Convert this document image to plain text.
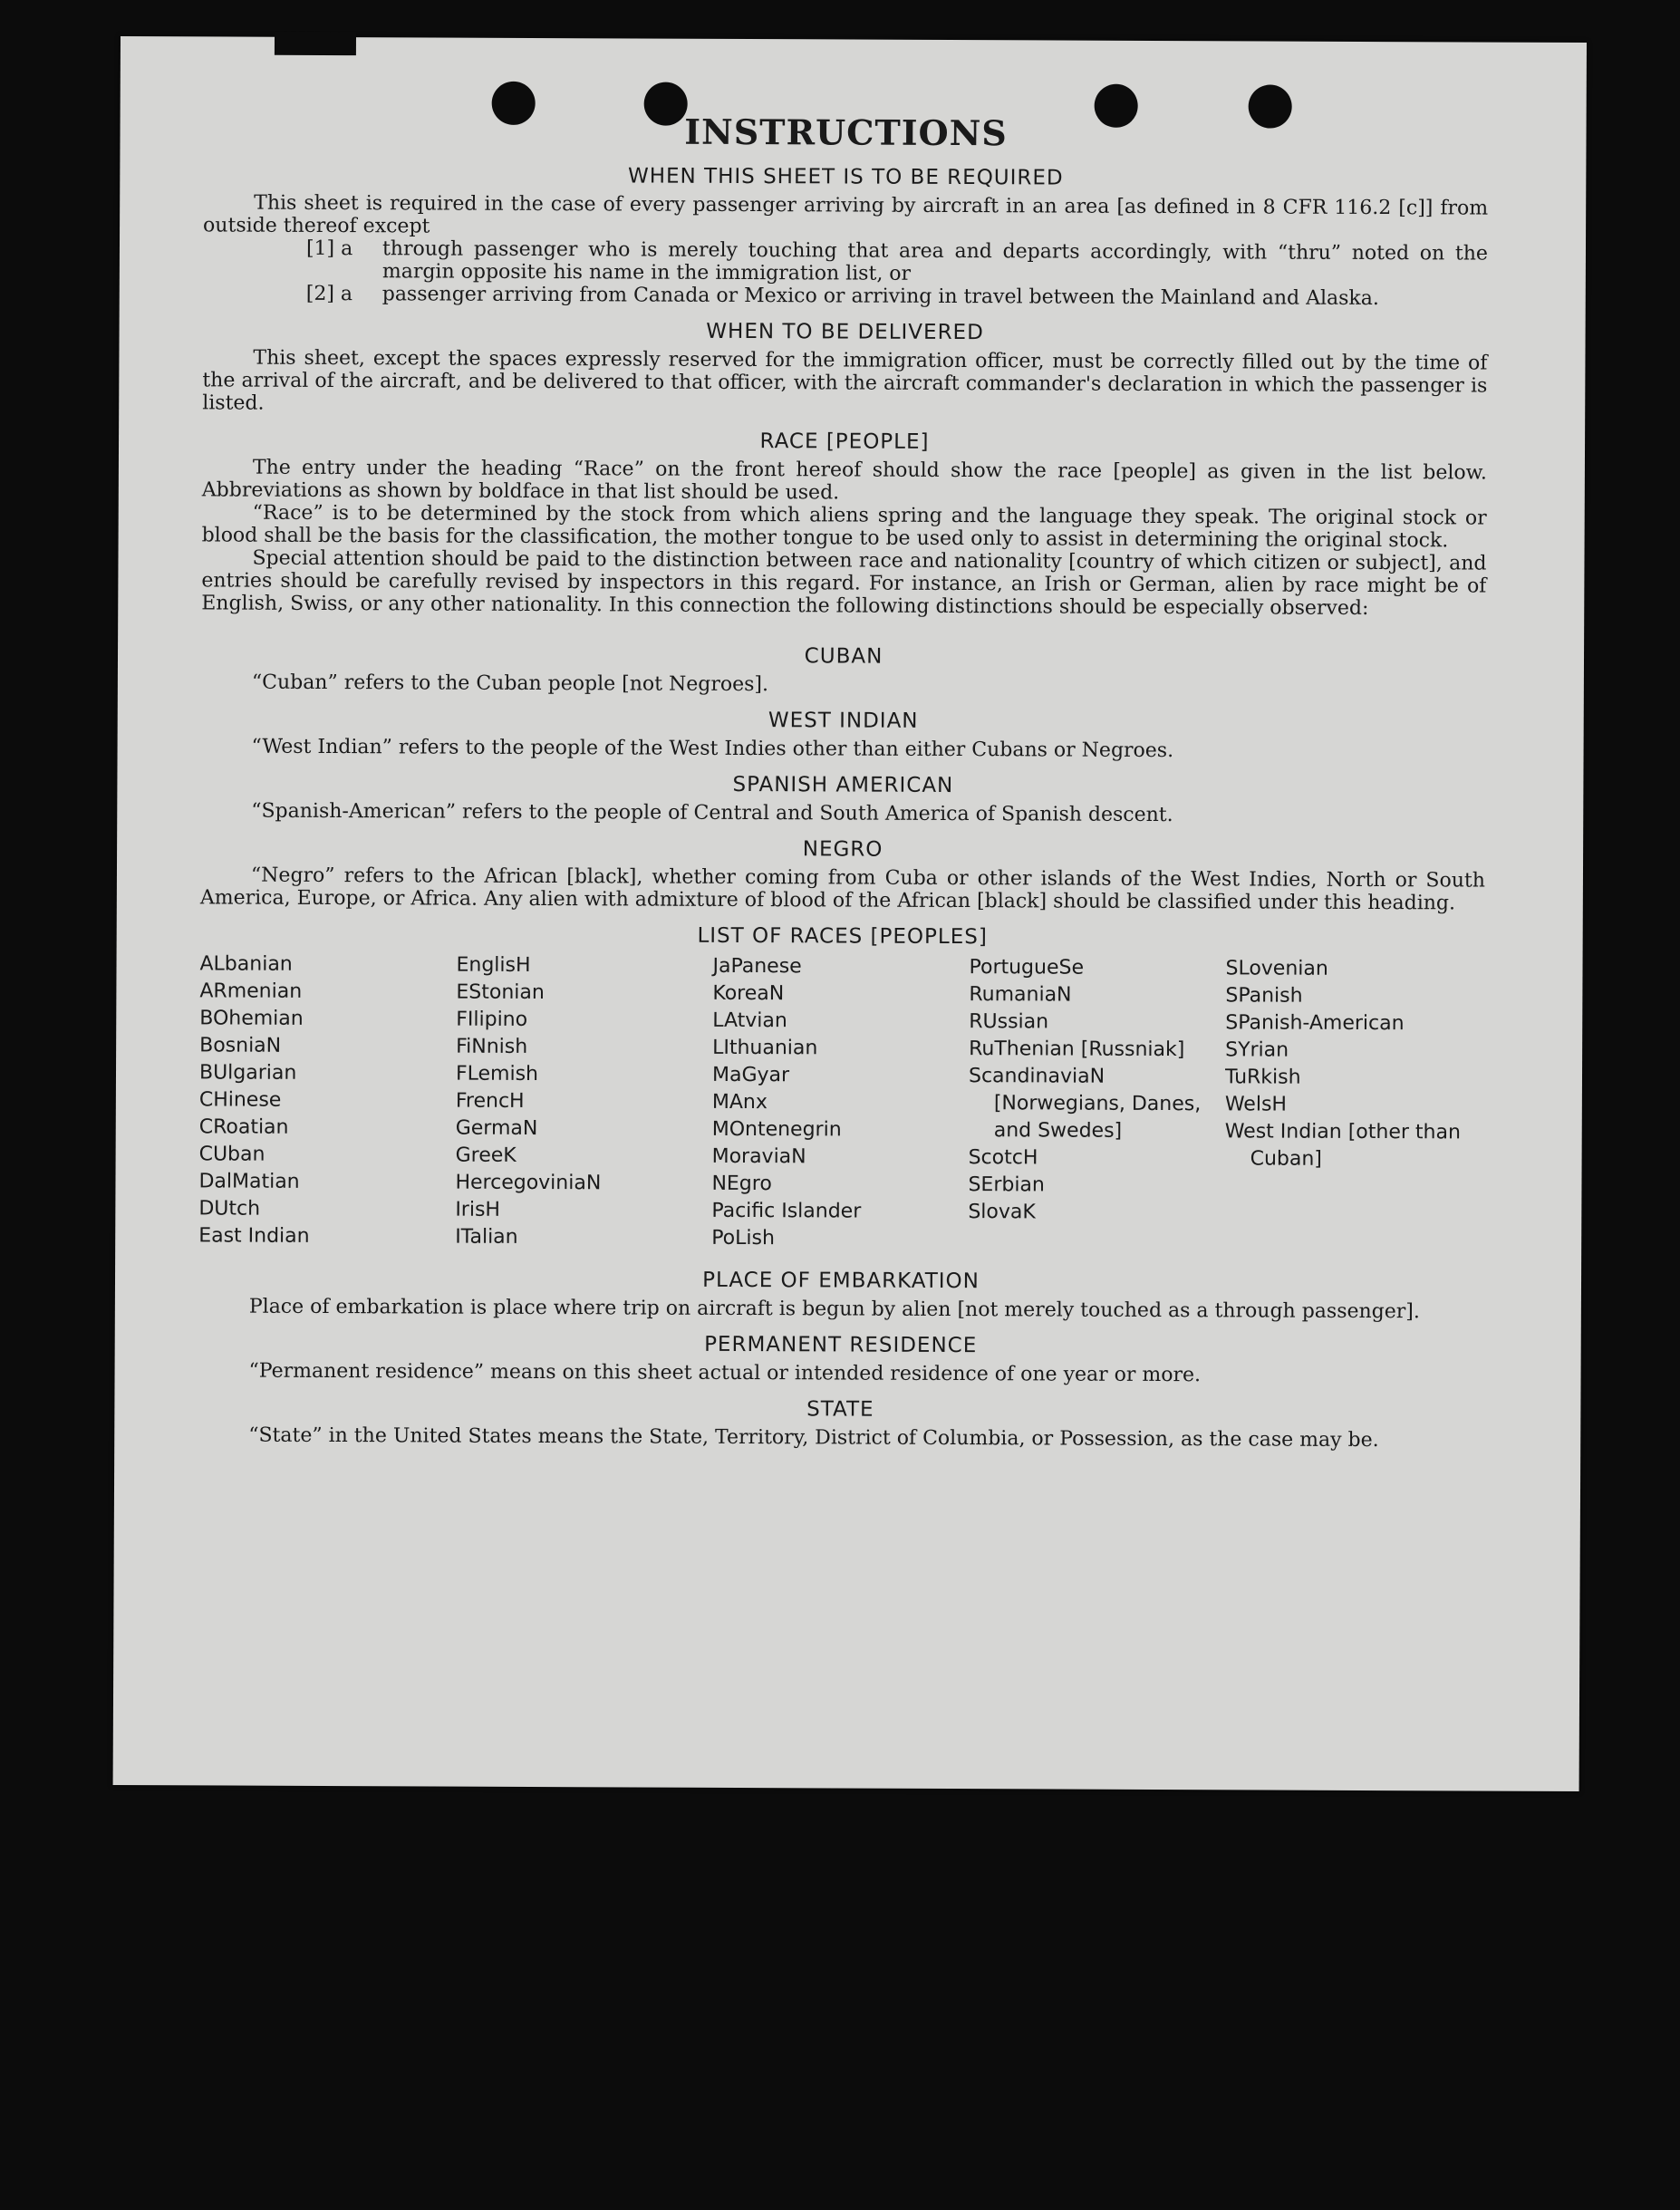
INSTRUCTIONS
WHEN THIS SHEET IS TO BE REQUIRED

This sheet is required in the case of every passenger arriving by aircraft in an area [as defined in 8 CFR 116.2 [c]] from outside thereof except

[1] a through passenger who is merely touching that area and departs accordingly, with “thru” noted on the margin opposite his name in the immigration list, or
[2] a passenger arriving from Canada or Mexico or arriving in travel between the Mainland and Alaska.
WHEN TO BE DELIVERED

This sheet, except the spaces expressly reserved for the immigration officer, must be correctly filled out by the time of the arrival of the aircraft, and be delivered to that officer, with the aircraft commander's declaration in which the passenger is listed.

RACE [PEOPLE]

The entry under the heading “Race” on the front hereof should show the race [people] as given in the list below. Abbreviations as shown by boldface in that list should be used.

“Race” is to be determined by the stock from which aliens spring and the language they speak. The original stock or blood shall be the basis for the classification, the mother tongue to be used only to assist in determining the original stock.

Special attention should be paid to the distinction between race and nationality [country of which citizen or subject], and entries should be carefully revised by inspectors in this regard. For instance, an Irish or German, alien by race might be of English, Swiss, or any other nationality. In this connection the following distinctions should be especially observed:

CUBAN

“Cuban” refers to the Cuban people [not Negroes].

WEST INDIAN

“West Indian” refers to the people of the West Indies other than either Cubans or Negroes.

SPANISH AMERICAN

“Spanish-American” refers to the people of Central and South America of Spanish descent.

NEGRO

“Negro” refers to the African [black], whether coming from Cuba or other islands of the West Indies, North or South America, Europe, or Africa. Any alien with admixture of blood of the African [black] should be classified under this heading.

LIST OF RACES [PEOPLES]
ALbanian
ARmenian
BOhemian
BosniaN
BUlgarian
CHinese
CRoatian
CUban
DalMatian
DUtch
East Indian
EnglisH
EStonian
FIlipino
FiNnish
FLemish
FrencH
GermaN
GreeK
HercegoviniaN
IrisH
ITalian
JaPanese
KoreaN
LAtvian
LIthuanian
MaGyar
MAnx
MOntenegrin
MoraviaN
NEgro
Pacific Islander
PoLish
PortugueSe
RumaniaN
RUssian
RuThenian [Russniak]
ScandinaviaN [Norwegians, Danes, and Swedes]
ScotcH
SErbian
SlovaK
SLovenian
SPanish
SPanish-American
SYrian
TuRkish
WelsH
West Indian [other than Cuban]
PLACE OF EMBARKATION

Place of embarkation is place where trip on aircraft is begun by alien [not merely touched as a through passenger].

PERMANENT RESIDENCE

“Permanent residence” means on this sheet actual or intended residence of one year or more.

STATE

“State” in the United States means the State, Territory, District of Columbia, or Possession, as the case may be.
